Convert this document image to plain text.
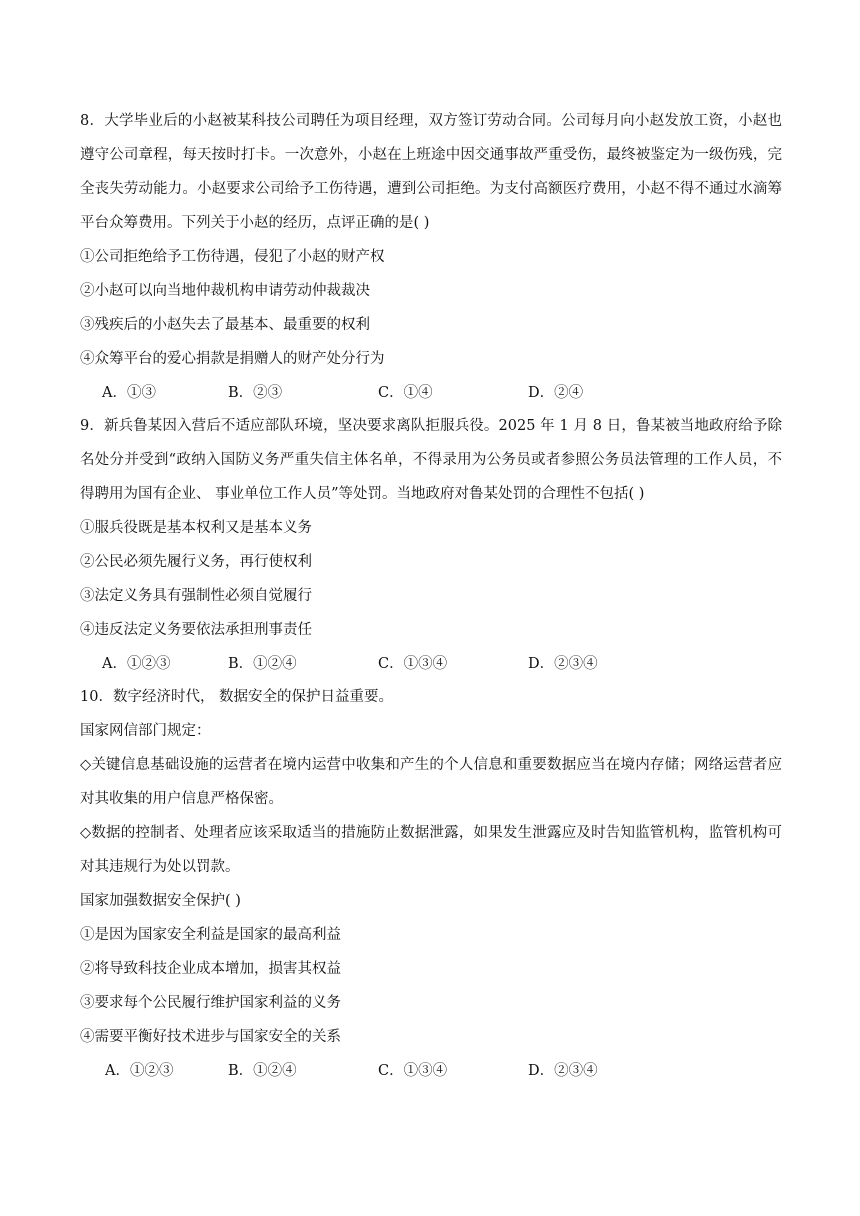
8．大学毕业后的小赵被某科技公司聘任为项目经理，双方签订劳动合同。公司每月向小赵发放工资，小赵也遵守公司章程，每天按时打卡。一次意外，小赵在上班途中因交通事故严重受伤，最终被鉴定为一级伤残，完全丧失劳动能力。小赵要求公司给予工伤待遇，遭到公司拒绝。为支付高额医疗费用，小赵不得不通过水滴筹平台众筹费用。下列关于小赵的经历，点评正确的是( )

①公司拒绝给予工伤待遇，侵犯了小赵的财产权

②小赵可以向当地仲裁机构申请劳动仲裁裁决

③残疾后的小赵失去了最基本、最重要的权利

④众筹平台的爱心捐款是捐赠人的财产处分行为

A．①③	B．②③	C．①④	D．②④

9．新兵鲁某因入营后不适应部队环境，坚决要求离队拒服兵役。2025 年 1 月 8 日，鲁某被当地政府给予除名处分并受到“政纳入国防义务严重失信主体名单，不得录用为公务员或者参照公务员法管理的工作人员，不得聘用为国有企业、 事业单位工作人员”等处罚。当地政府对鲁某处罚的合理性不包括( )

①服兵役既是基本权利又是基本义务

②公民必须先履行义务，再行使权利

③法定义务具有强制性必须自觉履行

④违反法定义务要依法承担刑事责任

A．①②③	B．①②④	C．①③④	D．②③④

10．数字经济时代， 数据安全的保护日益重要。

国家网信部门规定：

◇关键信息基础设施的运营者在境内运营中收集和产生的个人信息和重要数据应当在境内存储；网络运营者应对其收集的用户信息严格保密。

◇数据的控制者、处理者应该采取适当的措施防止数据泄露，如果发生泄露应及时告知监管机构，监管机构可对其违规行为处以罚款。

国家加强数据安全保护( )

①是因为国家安全利益是国家的最高利益

②将导致科技企业成本增加，损害其权益

③要求每个公民履行维护国家利益的义务

④需要平衡好技术进步与国家安全的关系

A．①②③	B．①②④	C．①③④	D．②③④
